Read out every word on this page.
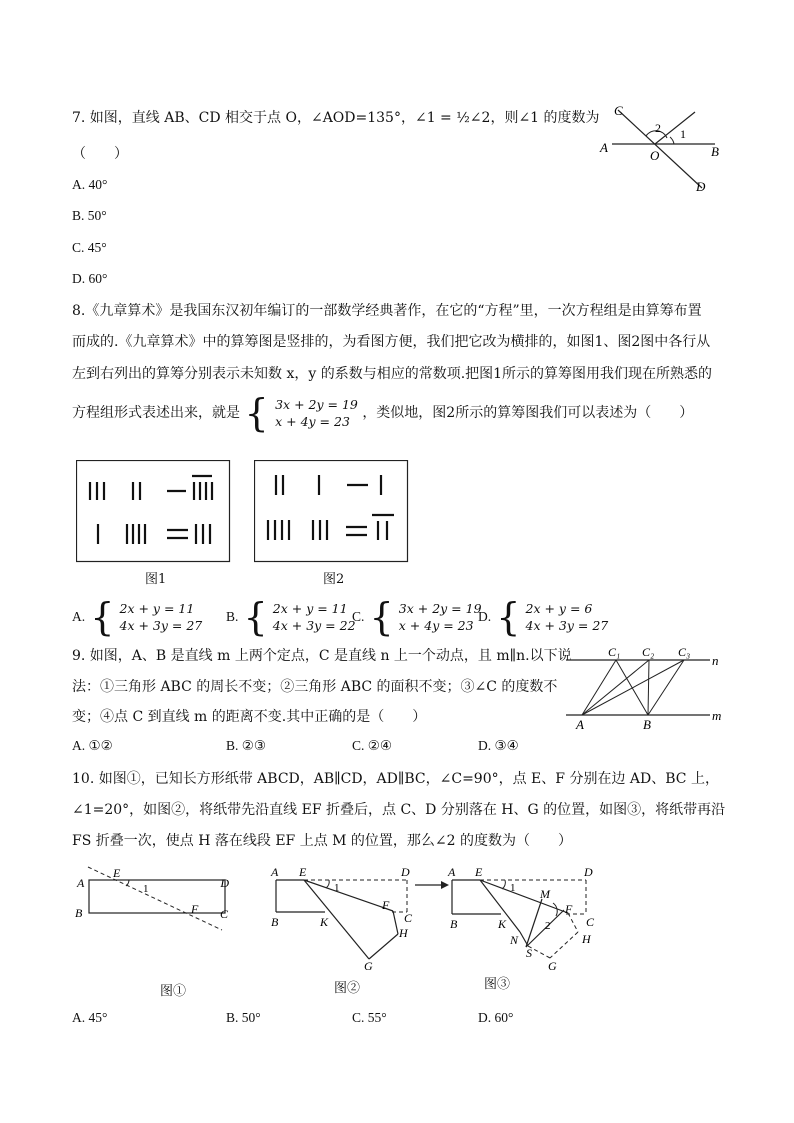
7. 如图，直线 AB、CD 相交于点 O，∠AOD=135°，∠1 = ½∠2，则∠1 的度数为
（　　）
A. 40°
B. 50°
C. 45°
D. 60°
C
2 1
A
O	B
D
8.《九章算术》是我国东汉初年编订的一部数学经典著作，在它的“方程”里，一次方程组是由算筹布置
而成的.《九章算术》中的算筹图是竖排的，为看图方便，我们把它改为横排的，如图1、图2图中各行从
左到右列出的算筹分别表示未知数 x，y 的系数与相应的常数项.把图1所示的算筹图用我们现在所熟悉的
方程组形式表述出来，就是 { 3x + 2y = 19
x + 4y = 23
，类似地，图2所示的算筹图我们可以表述为（　　）
图1	图2
A. { 2x + y = 11
4x + 3y = 27
B. { 2x + y = 11
4x + 3y = 22
C. { 3x + 2y = 19
x + 4y = 23
D. { 2x + y = 6
4x + 3y = 27
9. 如图，A、B 是直线 m 上两个定点，C 是直线 n 上一个动点，且 m∥n.以下说
法：①三角形 ABC 的周长不变；②三角形 ABC 的面积不变；③∠C 的度数不
变；④点 C 到直线 m 的距离不变.其中正确的是（　　）
A. ①②	B. ②③	C. ②④	D. ③④
C₁ C₂ C₃
n
A	B
m
10. 如图①，已知长方形纸带 ABCD，AB∥CD，AD∥BC，∠C=90°，点 E、F 分别在边 AD、BC 上，
∠1=20°，如图②，将纸带先沿直线 EF 折叠后，点 C、D 分别落在 H、G 的位置，如图③，将纸带再沿
FS 折叠一次，使点 H 落在线段 EF 上点 M 的位置，那么∠2 的度数为（　　）
A
E
1	D
B	F C
图①
A E
1
D
B	K
F
C
H
G
图②
A E
1
D
B	K
M
F
C
2
H
N
S
G
图③
A. 45°	B. 50°	C. 55°	D. 60°
